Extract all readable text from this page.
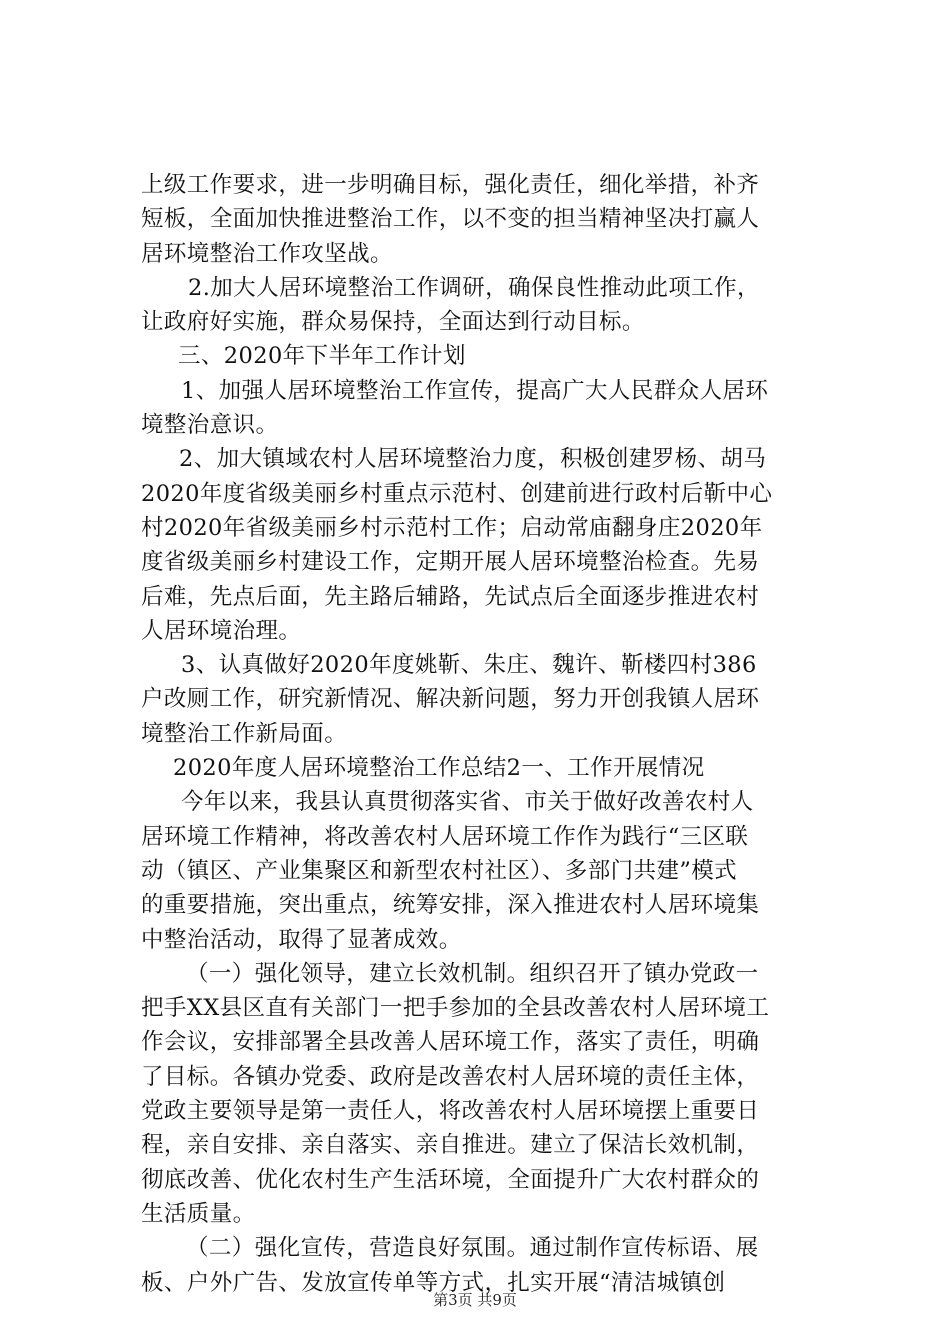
上级工作要求，进一步明确目标，强化责任，细化举措，补齐
短板，全面加快推进整治工作，以不变的担当精神坚决打赢人
居环境整治工作攻坚战。
2.加大人居环境整治工作调研，确保良性推动此项工作，
让政府好实施，群众易保持，全面达到行动目标。
三、2020年下半年工作计划
1、加强人居环境整治工作宣传，提高广大人民群众人居环
境整治意识。
2、加大镇域农村人居环境整治力度，积极创建罗杨、胡马
2020年度省级美丽乡村重点示范村、创建前进行政村后靳中心
村2020年省级美丽乡村示范村工作；启动常庙翻身庄2020年
度省级美丽乡村建设工作，定期开展人居环境整治检查。先易
后难，先点后面，先主路后辅路，先试点后全面逐步推进农村
人居环境治理。
3、认真做好2020年度姚靳、朱庄、魏许、靳楼四村386
户改厕工作，研究新情况、解决新问题，努力开创我镇人居环
境整治工作新局面。
2020年度人居环境整治工作总结2一、工作开展情况
今年以来，我县认真贯彻落实省、市关于做好改善农村人
居环境工作精神，将改善农村人居环境工作作为践行“三区联
动（镇区、产业集聚区和新型农村社区）、多部门共建”模式
的重要措施，突出重点，统筹安排，深入推进农村人居环境集
中整治活动，取得了显著成效。
（一）强化领导，建立长效机制。组织召开了镇办党政一
把手XX县区直有关部门一把手参加的全县改善农村人居环境工
作会议，安排部署全县改善人居环境工作，落实了责任，明确
了目标。各镇办党委、政府是改善农村人居环境的责任主体，
党政主要领导是第一责任人，将改善农村人居环境摆上重要日
程，亲自安排、亲自落实、亲自推进。建立了保洁长效机制，
彻底改善、优化农村生产生活环境，全面提升广大农村群众的
生活质量。
（二）强化宣传，营造良好氛围。通过制作宣传标语、展
板、户外广告、发放宣传单等方式，扎实开展“清洁城镇创
第3页 共9页
